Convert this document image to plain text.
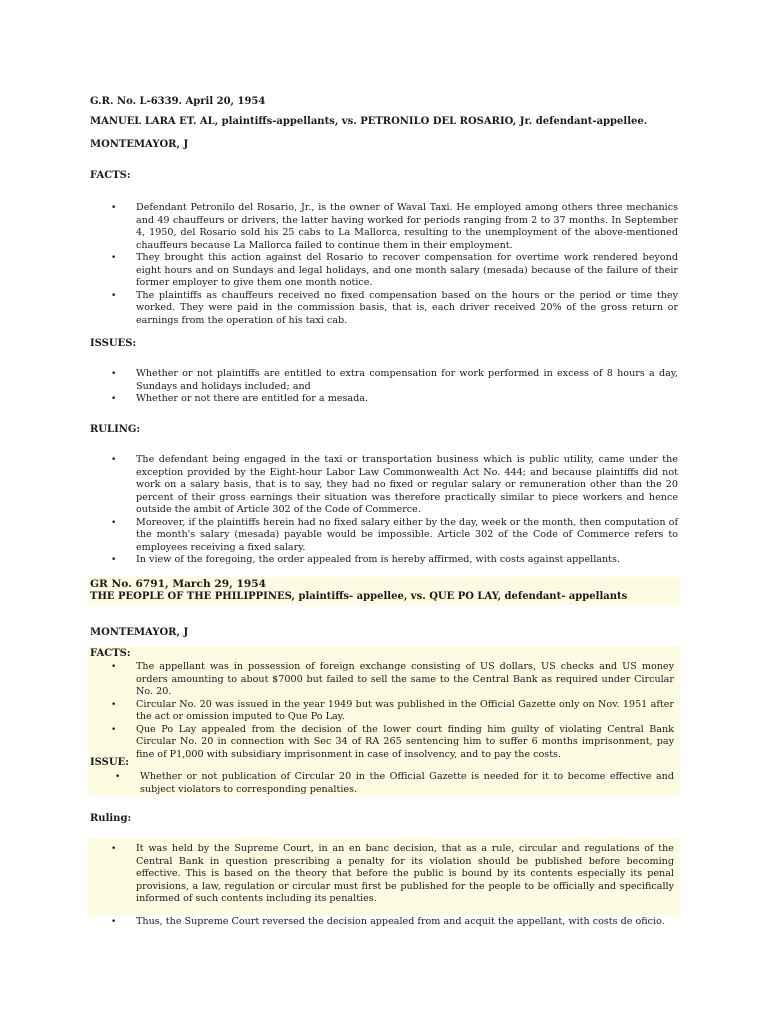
G.R. No. L-6339. April 20, 1954
MANUEL LARA ET. AL, plaintiffs-appellants, vs. PETRONILO DEL ROSARIO, Jr. defendant-appellee.
MONTEMAYOR, J
FACTS:
• Defendant Petronilo del Rosario, Jr., is the owner of Waval Taxi. He employed among others three mechanics and 49 chauffeurs or drivers, the latter having worked for periods ranging from 2 to 37 months. In September 4, 1950, del Rosario sold his 25 cabs to La Mallorca, resulting to the unemployment of the above-mentioned chauffeurs because La Mallorca failed to continue them in their employment.
• They brought this action against del Rosario to recover compensation for overtime work rendered beyond eight hours and on Sundays and legal holidays, and one month salary (mesada) because of the failure of their former employer to give them one month notice.
• The plaintiffs as chauffeurs received no fixed compensation based on the hours or the period or time they worked. They were paid in the commission basis, that is, each driver received 20% of the gross return or earnings from the operation of his taxi cab.
ISSUES:
• Whether or not plaintiffs are entitled to extra compensation for work performed in excess of 8 hours a day, Sundays and holidays included; and
• Whether or not there are entitled for a mesada.
RULING:
• The defendant being engaged in the taxi or transportation business which is public utility, came under the exception provided by the Eight-hour Labor Law Commonwealth Act No. 444; and because plaintiffs did not work on a salary basis, that is to say, they had no fixed or regular salary or remuneration other than the 20 percent of their gross earnings their situation was therefore practically similar to piece workers and hence outside the ambit of Article 302 of the Code of Commerce.
• Moreover, if the plaintiffs herein had no fixed salary either by the day, week or the month, then computation of the month's salary (mesada) payable would be impossible. Article 302 of the Code of Commerce refers to employees receiving a fixed salary.
• In view of the foregoing, the order appealed from is hereby affirmed, with costs against appellants.
GR No. 6791, March 29, 1954
THE PEOPLE OF THE PHILIPPINES, plaintiffs- appellee, vs. QUE PO LAY, defendant- appellants
MONTEMAYOR, J
FACTS:
• The appellant was in possession of foreign exchange consisting of US dollars, US checks and US money orders amounting to about $7000 but failed to sell the same to the Central Bank as required under Circular No. 20.
• Circular No. 20 was issued in the year 1949 but was published in the Official Gazette only on Nov. 1951 after the act or omission imputed to Que Po Lay.
• Que Po Lay appealed from the decision of the lower court finding him guilty of violating Central Bank Circular No. 20 in connection with Sec 34 of RA 265 sentencing him to suffer 6 months imprisonment, pay fine of P1,000 with subsidiary imprisonment in case of insolvency, and to pay the costs.
ISSUE:
• Whether or not publication of Circular 20 in the Official Gazette is needed for it to become effective and subject violators to corresponding penalties.
Ruling:
• It was held by the Supreme Court, in an en banc decision, that as a rule, circular and regulations of the Central Bank in question prescribing a penalty for its violation should be published before becoming effective. This is based on the theory that before the public is bound by its contents especially its penal provisions, a law, regulation or circular must first be published for the people to be officially and specifically informed of such contents including its penalties.
• Thus, the Supreme Court reversed the decision appealed from and acquit the appellant, with costs de oficio.
